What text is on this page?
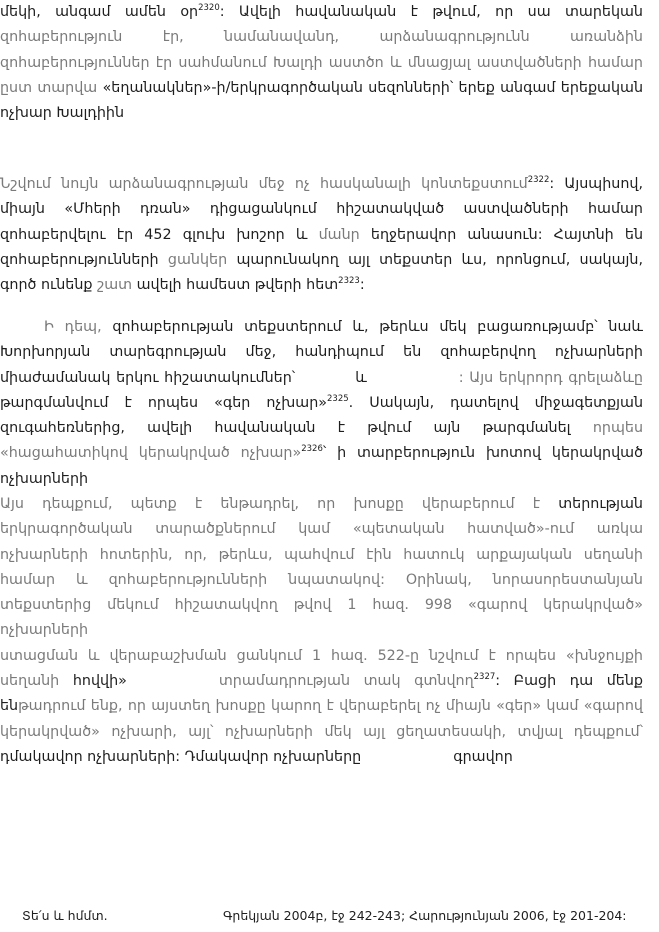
մեկի, անգամ ամեն օր$^{2320}$: Ավելի հավանական է թվում, որ սա տարեկան զոհաբերություն էր, նամանավանդ, արձանագրությունն առանձին զոհաբերություններ էր սահմանում Խալդի աստծո և մնացյալ աստվածների համար ըստ տարվա «եղանակներ»-ի/երկրագործական սեզոնների՝ երեք անգամ երեքական ոչխար Խալդիին

Նշվում նույն արձանագրության մեջ ոչ հասկանալի կոնտեքստում$^{2322}$: Այսպիսով, միայն «Մհերի դռան» դիցացանկում հիշատակված աստվածների համար զոհաբերվելու էր 452 գլուխ խոշոր և մանր եղջերավոր անասուն: Հայտնի են զոհաբերությունների ցանկեր պարունակող այլ տեքստեր ևս, որոնցում, սակայն, գործ ունենք շատ ավելի համեստ թվերի հետ$^{2323}$:

Ի դեպ, զոհաբերության տեքստերում և, թերևս մեկ բացառությամբ՝ նաև Խորխորյան տարեգրության մեջ, հանդիպում են զոհաբերվող ոչխարների միաժամանակ երկու հիշատակումներ՝	և	: Այս երկրորդ գրելաձևը թարգմանվում է որպես «գեր ոչխար»$^{2325}$. Սակայն, դատելով միջագետքյան զուգահեռներից, ավելի հավանական է թվում այն թարգմանել որպես «հացահատիկով կերակրված ոչխար»$^{2326}$՝ ի տարբերություն խոտով կերակրված ոչխարների

Այս դեպքում, պետք է ենթադրել, որ խոսքը վերաբերում է տերության երկրագործական տարածքներում կամ «պետական հատված»-ում առկա ոչխարների հոտերին, որ, թերևս, պահվում էին հատուկ արքայական սեղանի համար և զոհաբերությունների նպատակով: Օրինակ, նորասորեստանյան տեքստերից մեկում հիշատակվող թվով 1 հազ. 998 «գարով կերակրված» ոչխարների
ստացման և վերաբաշխման ցանկում 1 հազ. 522-ը նշվում է որպես «խնջույքի սեղանի հովվի»	տրամադրության տակ գտնվող$^{2327}$: Բացի դա մենք ենթադրում ենք, որ այստեղ խոսքը կարող է վերաբերել ոչ միայն «գեր» կամ «գարով կերակրված» ոչխարի, այլ՝ ոչխարների մեկ այլ ցեղատեսակի, տվյալ դեպքում՝ դմակավոր ոչխարների: Դմակավոր ոչխարները	գրավոր

Տե՛ս և հմմտ.	Գրեկյան 2004բ, էջ 242-243; Հարությունյան 2006, էջ 201-204:
